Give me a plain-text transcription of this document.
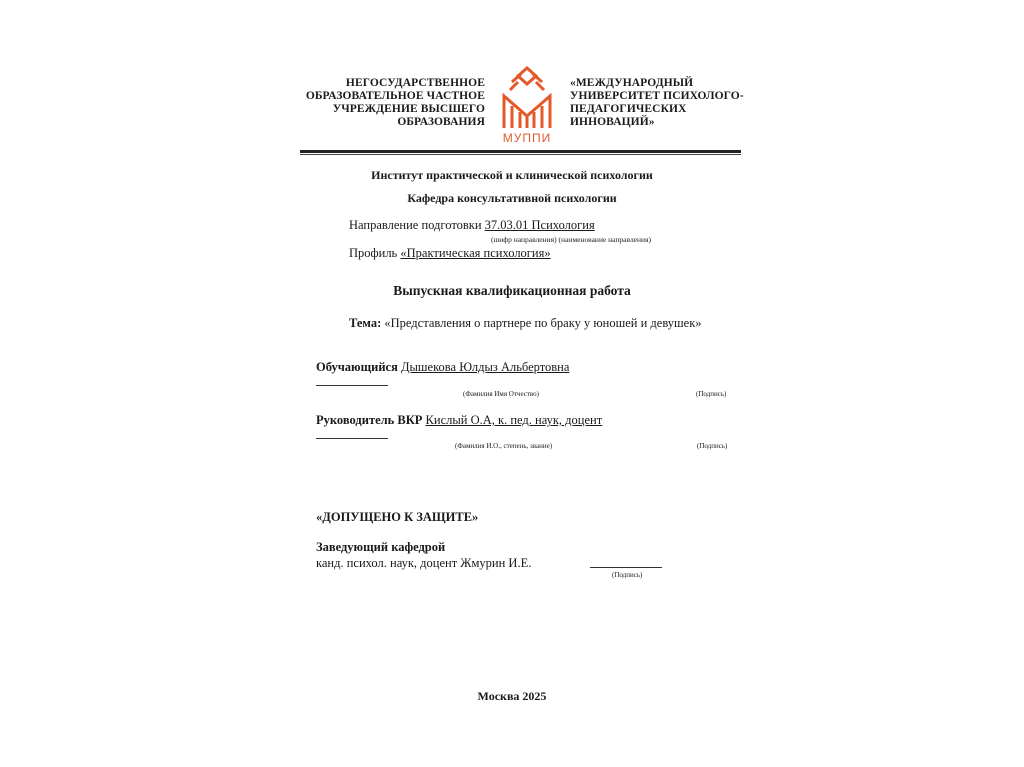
НЕГОСУДАРСТВЕННОЕ
ОБРАЗОВАТЕЛЬНОЕ ЧАСТНОЕ
УЧРЕЖДЕНИЕ ВЫСШЕГО
ОБРАЗОВАНИЯ
МУППИ
«МЕЖДУНАРОДНЫЙ
УНИВЕРСИТЕТ ПСИХОЛОГО-
ПЕДАГОГИЧЕСКИХ
ИННОВАЦИЙ»
Институт практической и клинической психологии
Кафедра консультативной психологии
Направление подготовки 37.03.01 Психология
(шифр направления) (наименование направления)
Профиль «Практическая психология»
Выпускная квалификационная работа
Тема: «Представления о партнере по браку у юношей и девушек»
Обучающийся Дышекова Юлдыз Альбертовна
(Фамилия Имя Отчество)	(Подпись)
Руководитель ВКР Кислый О.А, к. пед. наук, доцент
(Фамилия И.О., степень, звание)	(Подпись)
«ДОПУЩЕНО К ЗАЩИТЕ»
Заведующий кафедрой
канд. психол. наук, доцент Жмурин И.Е.
(Подпись)
Москва 2025
